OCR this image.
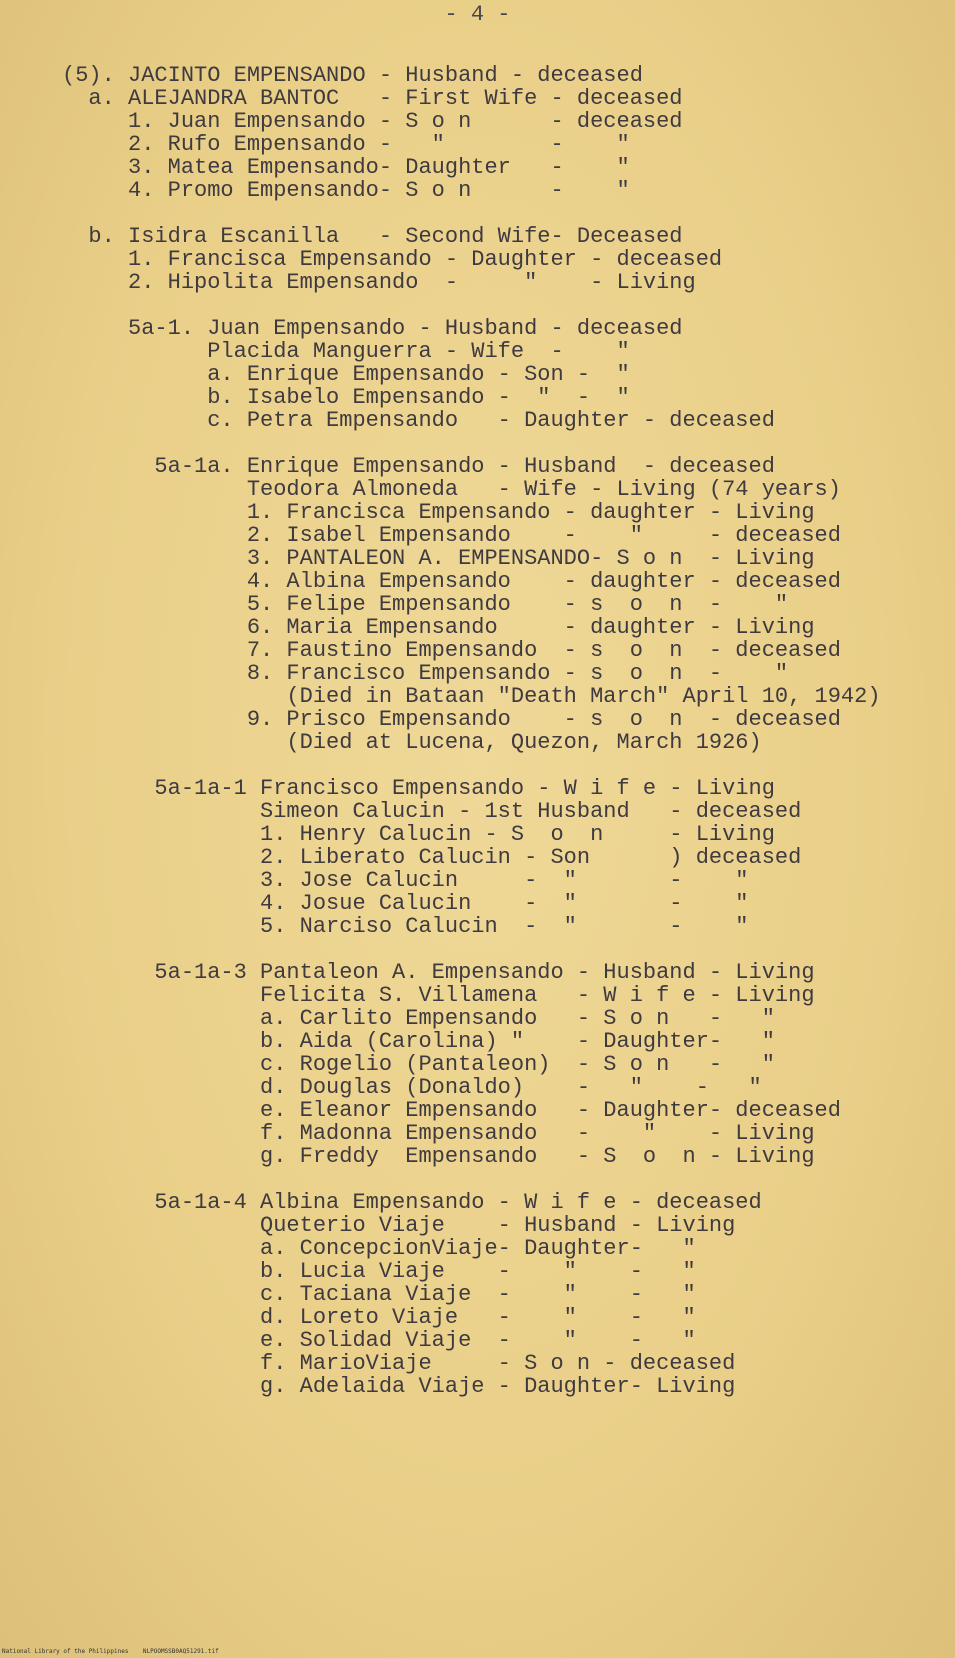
- 4 -
(5). JACINTO EMPENSANDO - Husband - deceased
a. ALEJANDRA BANTOC   - First Wife - deceased
1. Juan Empensando - S o n      - deceased
2. Rufo Empensando -   "        -    "
3. Matea Empensando- Daughter   -    "
4. Promo Empensando- S o n      -    "
b. Isidra Escanilla   - Second Wife- Deceased
1. Francisca Empensando - Daughter - deceased
2. Hipolita Empensando  -     "    - Living
5a-1. Juan Empensando - Husband - deceased
Placida Manguerra - Wife  -    "
a. Enrique Empensando - Son -  "
b. Isabelo Empensando -  "  -  "
c. Petra Empensando   - Daughter - deceased
5a-1a. Enrique Empensando - Husband  - deceased
Teodora Almoneda   - Wife - Living (74 years)
1. Francisca Empensando - daughter - Living
2. Isabel Empensando    -    "     - deceased
3. PANTALEON A. EMPENSANDO- S o n  - Living
4. Albina Empensando    - daughter - deceased
5. Felipe Empensando    - s  o  n  -    "
6. Maria Empensando     - daughter - Living
7. Faustino Empensando  - s  o  n  - deceased
8. Francisco Empensando - s  o  n  -    "
(Died in Bataan "Death March" April 10, 1942)
9. Prisco Empensando    - s  o  n  - deceased
(Died at Lucena, Quezon, March 1926)
5a-1a-1 Francisco Empensando - W i f e - Living
Simeon Calucin - 1st Husband   - deceased
1. Henry Calucin - S  o  n     - Living
2. Liberato Calucin - Son      ) deceased
3. Jose Calucin     -  "       -    "
4. Josue Calucin    -  "       -    "
5. Narciso Calucin  -  "       -    "
5a-1a-3 Pantaleon A. Empensando - Husband - Living
Felicita S. Villamena   - W i f e - Living
a. Carlito Empensando   - S o n   -   "
b. Aida (Carolina) "    - Daughter-   "
c. Rogelio (Pantaleon)  - S o n   -   "
d. Douglas (Donaldo)    -   "    -   "
e. Eleanor Empensando   - Daughter- deceased
f. Madonna Empensando   -    "    - Living
g. Freddy  Empensando   - S  o  n - Living
5a-1a-4 Albina Empensando - W i f e - deceased
Queterio Viaje    - Husband - Living
a. ConcepcionViaje- Daughter-   "
b. Lucia Viaje    -    "    -   "
c. Taciana Viaje  -    "    -   "
d. Loreto Viaje   -    "    -   "
e. Solidad Viaje  -    "    -   "
f. MarioViaje     - S o n - deceased
g. Adelaida Viaje - Daughter- Living
National Library of the Philippines    NLPOOMSSB0AQ51291.tif
